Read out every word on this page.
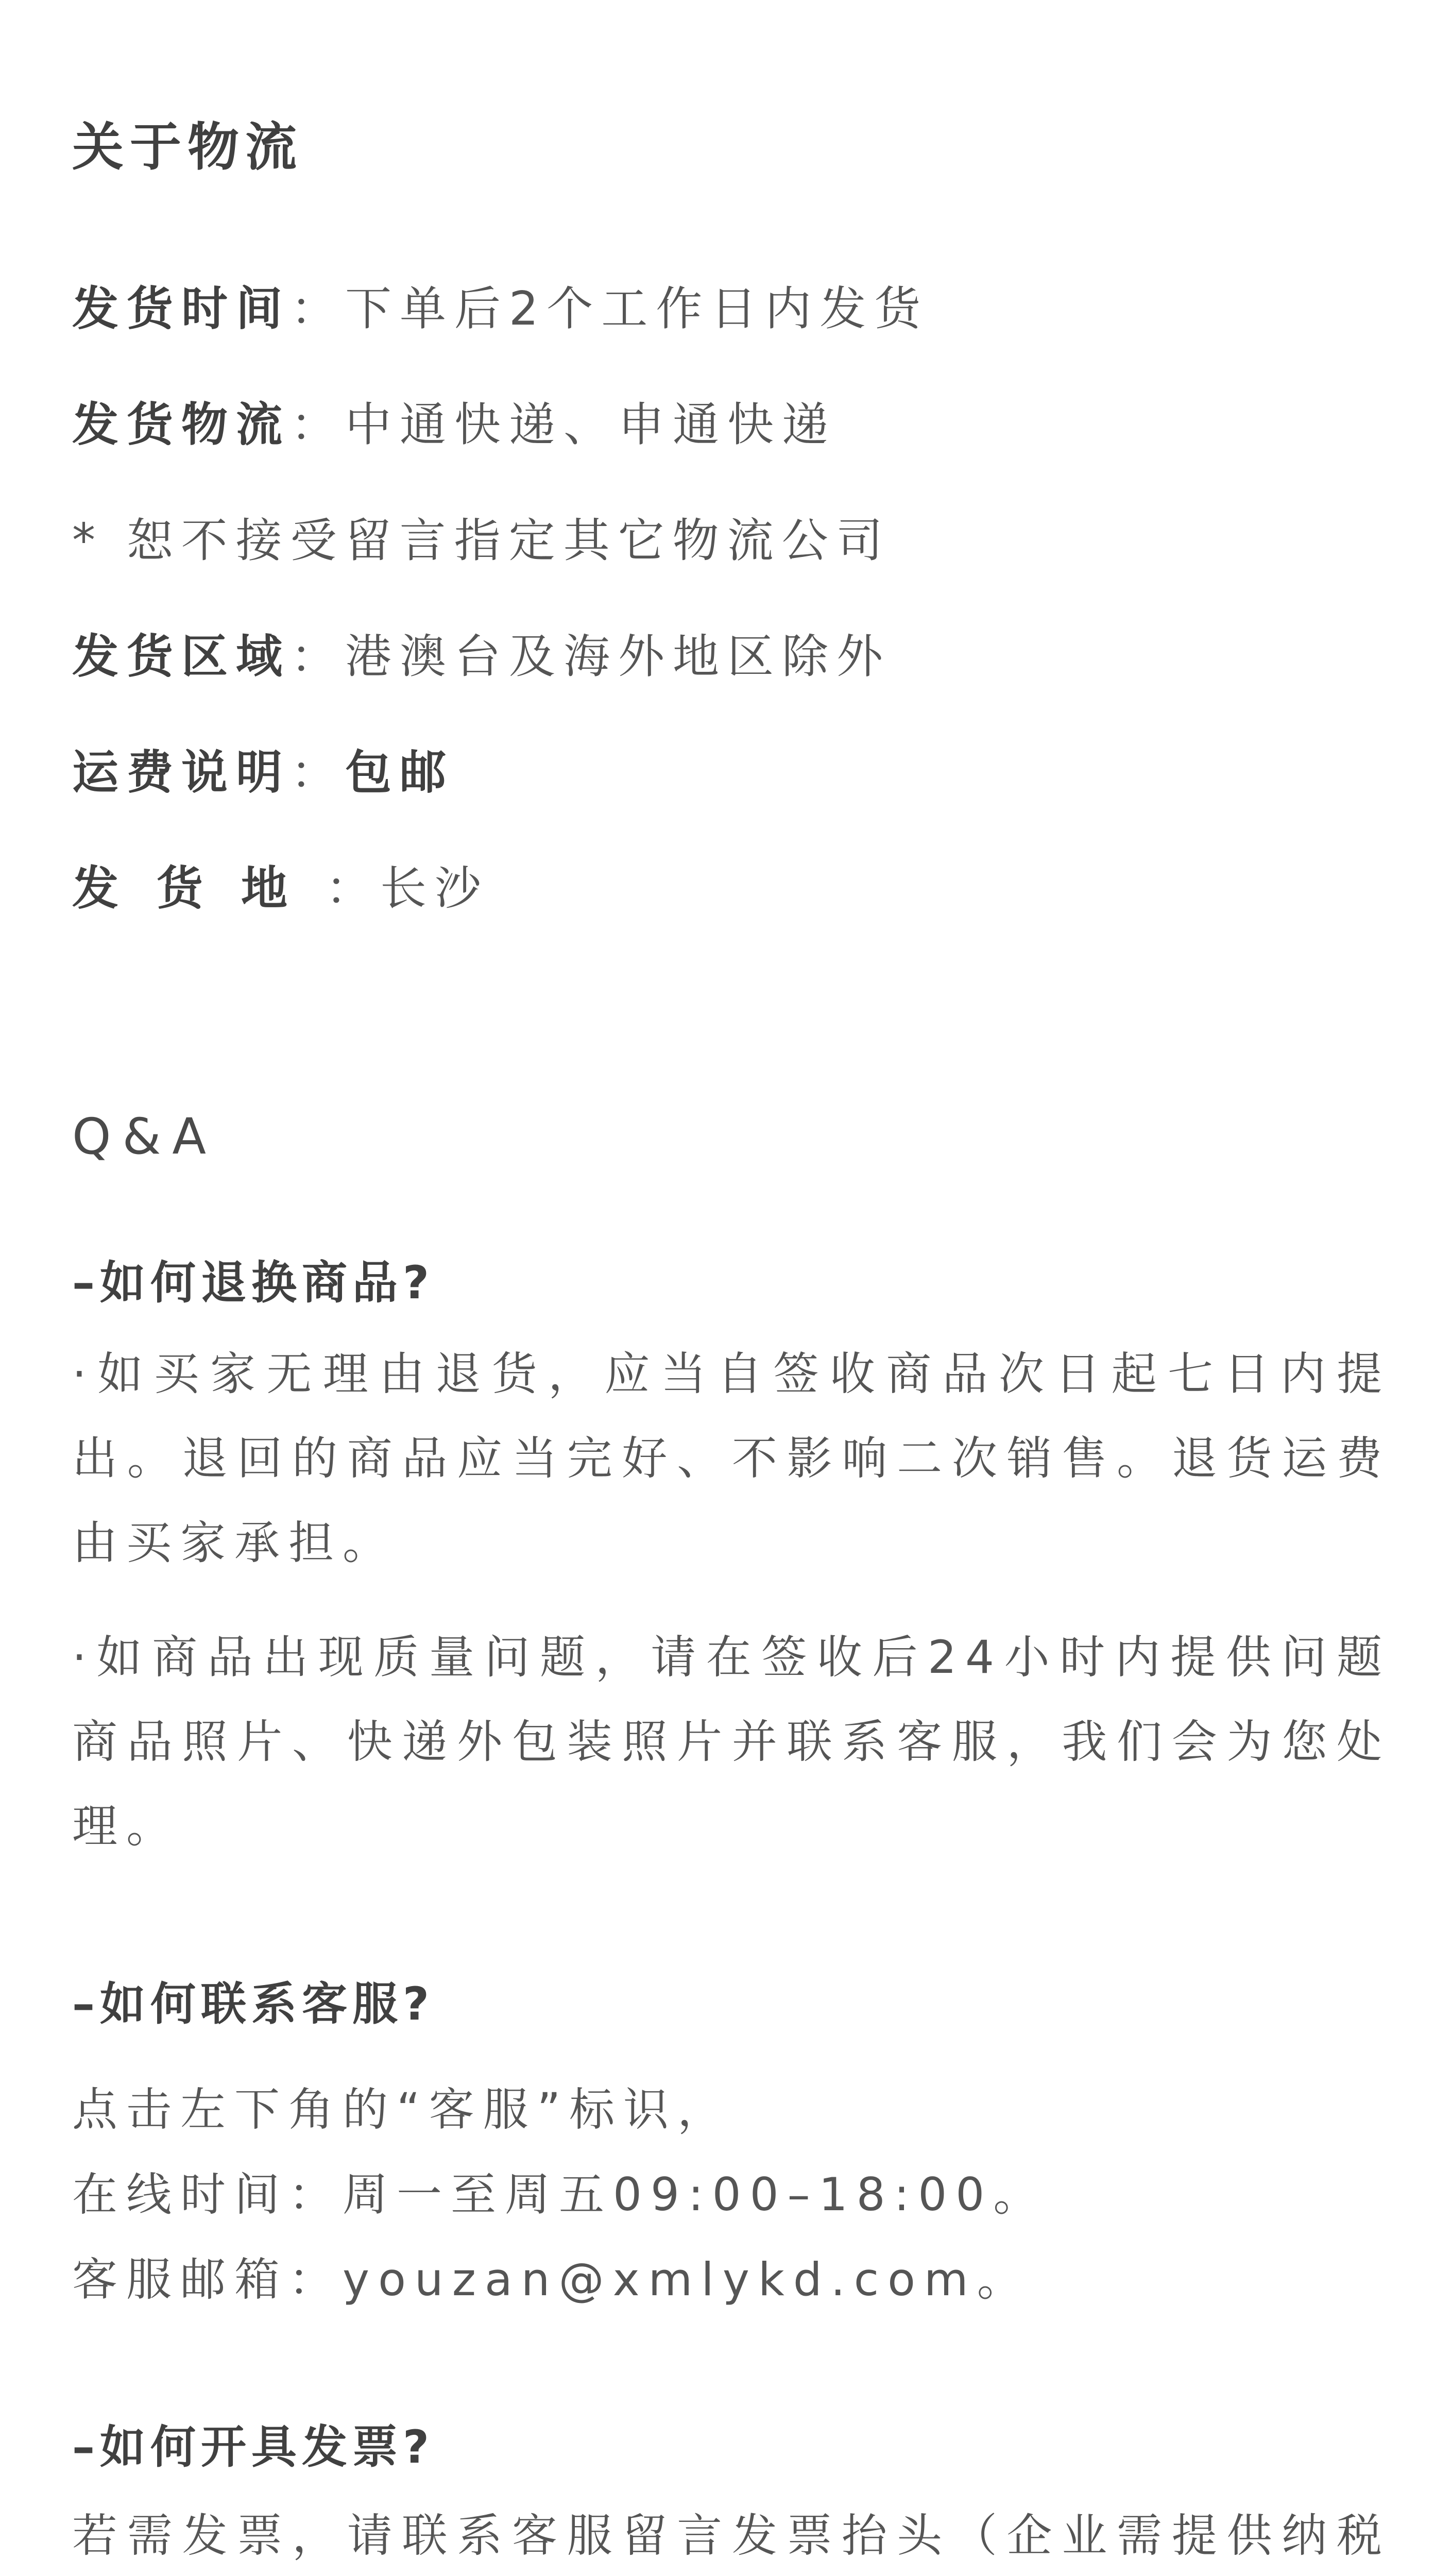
关于物流
发货时间：下单后2个工作日内发货
发货物流：中通快递、申通快递
* 恕不接受留言指定其它物流公司
发货区域：港澳台及海外地区除外
运费说明：包邮
发货地：长沙
Q&A
–如何退换商品?
·如买家无理由退货，应当自签收商品次日起七日内提出。退回的商品应当完好、不影响二次销售。退货运费由买家承担。
·如商品出现质量问题，请在签收后24小时内提供问题商品照片、快递外包装照片并联系客服，我们会为您处理。
–如何联系客服?
点击左下角的“客服”标识，
在线时间：周一至周五09:00–18:00。
客服邮箱：youzan@xmlykd.com。
–如何开具发票?
若需发票，请联系客服留言发票抬头（企业需提供纳税
